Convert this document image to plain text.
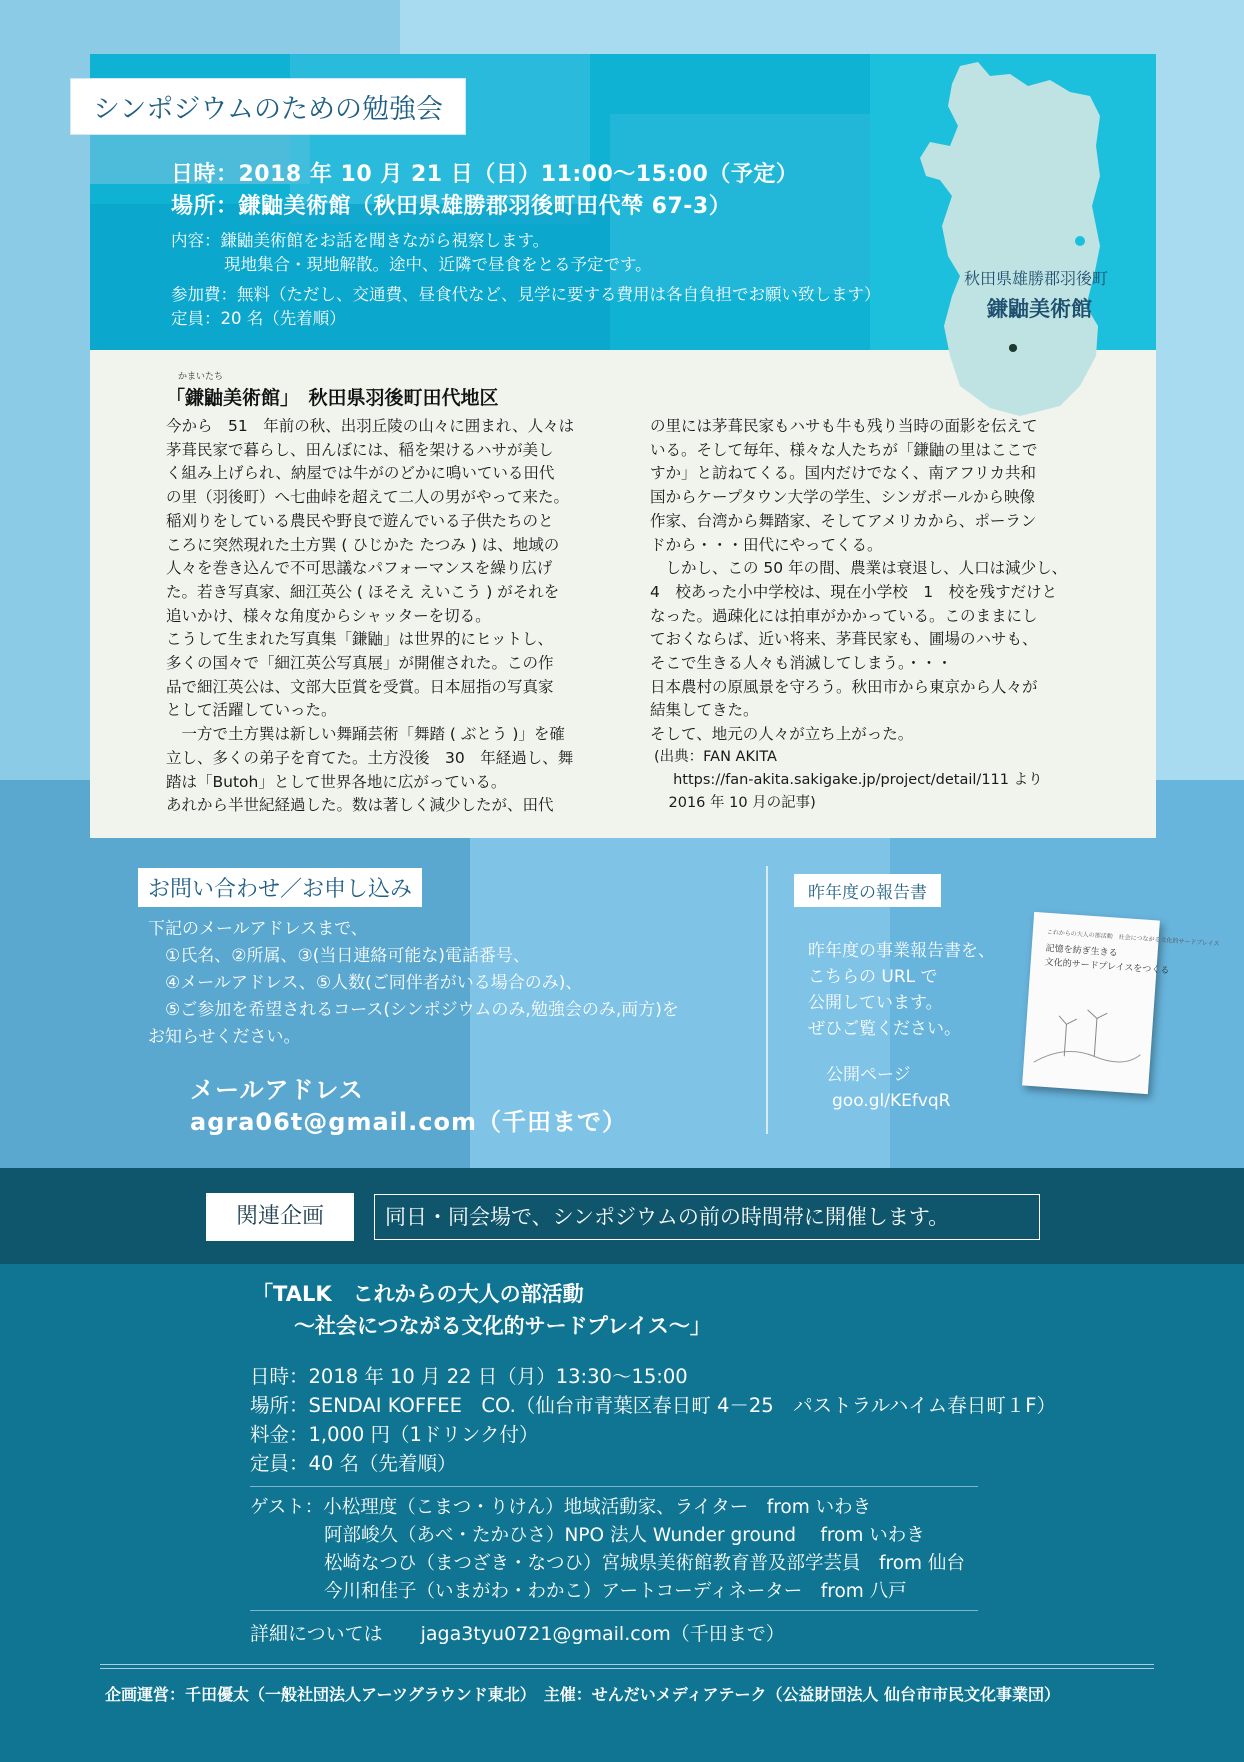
シンポジウムのための勉強会
日時：2018 年 10 月 21 日（日）11:00〜15:00（予定）
場所：鎌鼬美術館（秋田県雄勝郡羽後町田代梺 67-3）
内容：鎌鼬美術館をお話を聞きながら視察します。
現地集合・現地解散。途中、近隣で昼食をとる予定です。
参加費：無料（ただし、交通費、昼食代など、見学に要する費用は各自負担でお願い致します）
定員：20 名（先着順）
秋田県雄勝郡羽後町
鎌鼬美術館
かまいたち
「鎌鼬美術館」　秋田県羽後町田代地区
今から　51　年前の秋、出羽丘陵の山々に囲まれ、人々は
茅葺民家で暮らし、田んぼには、稲を架けるハサが美し
く組み上げられ、納屋では牛がのどかに鳴いている田代
の里（羽後町）へ七曲峠を超えて二人の男がやって来た。
稲刈りをしている農民や野良で遊んでいる子供たちのと
ころに突然現れた土方巽 ( ひじかた たつみ ) は、地域の
人々を巻き込んで不可思議なパフォーマンスを繰り広げ
た。若き写真家、細江英公 ( ほそえ えいこう ) がそれを
追いかけ、様々な角度からシャッターを切る。
こうして生まれた写真集「鎌鼬」は世界的にヒットし、
多くの国々で「細江英公写真展」が開催された。この作
品で細江英公は、文部大臣賞を受賞。日本屈指の写真家
として活躍していった。
　一方で土方巽は新しい舞踊芸術「舞踏 ( ぶとう )」を確
立し、多くの弟子を育てた。土方没後　30　年経過し、舞
踏は「Butoh」として世界各地に広がっている。
あれから半世紀経過した。数は著しく減少したが、田代
の里には茅葺民家もハサも牛も残り当時の面影を伝えて
いる。そして毎年、様々な人たちが「鎌鼬の里はここで
すか」と訪ねてくる。国内だけでなく、南アフリカ共和
国からケープタウン大学の学生、シンガポールから映像
作家、台湾から舞踏家、そしてアメリカから、ポーラン
ドから・・・田代にやってくる。
　しかし、この 50 年の間、農業は衰退し、人口は減少し、
4　校あった小中学校は、現在小学校　1　校を残すだけと
なった。過疎化には拍車がかかっている。このままにし
ておくならば、近い将来、茅葺民家も、圃場のハサも、
そこで生きる人々も消滅してしまう。・・・
日本農村の原風景を守ろう。秋田市から東京から人々が
結集してきた。
そして、地元の人々が立ち上がった。
(出典：FAN AKITA
　 https://fan-akita.sakigake.jp/project/detail/111 より
　2016 年 10 月の記事)
お問い合わせ／お申し込み
下記のメールアドレスまで、
　①氏名、②所属、③(当日連絡可能な)電話番号、
　④メールアドレス、⑤人数(ご同伴者がいる場合のみ)、
　⑤ご参加を希望されるコース(シンポジウムのみ,勉強会のみ,両方)を
お知らせください。
メールアドレス
agra06t@gmail.com（千田まで）
昨年度の報告書
昨年度の事業報告書を、
こちらの URL で
公開しています。
ぜひご覧ください。
公開ページ
goo.gl/KEfvqR
これからの大人の部活動　社会につながる文化的サードプレイス
記憶を紡ぎ生きる
文化的サードプレイスをつくる
関連企画	同日・同会場で、シンポジウムの前の時間帯に開催します。
「TALK　これからの大人の部活動
　　～社会につながる文化的サードプレイス～」
日時：2018 年 10 月 22 日（月）13:30〜15:00
場所：SENDAI KOFFEE　CO.（仙台市青葉区春日町 4－25　パストラルハイム春日町１F）
料金：1,000 円（1ドリンク付）
定員：40 名（先着順）
ゲスト：小松理度（こまつ・りけん）地域活動家、ライター　from いわき
　　　　阿部峻久（あべ・たかひさ）NPO 法人 Wunder ground　 from いわき
　　　　松崎なつひ（まつざき・なつひ）宮城県美術館教育普及部学芸員　from 仙台
　　　　今川和佳子（いまがわ・わかこ）アートコーディネーター　from 八戸
詳細については　　jaga3tyu0721@gmail.com（千田まで）
企画運営：千田優太（一般社団法人アーツグラウンド東北）　主催：せんだいメディアテーク（公益財団法人 仙台市市民文化事業団）
